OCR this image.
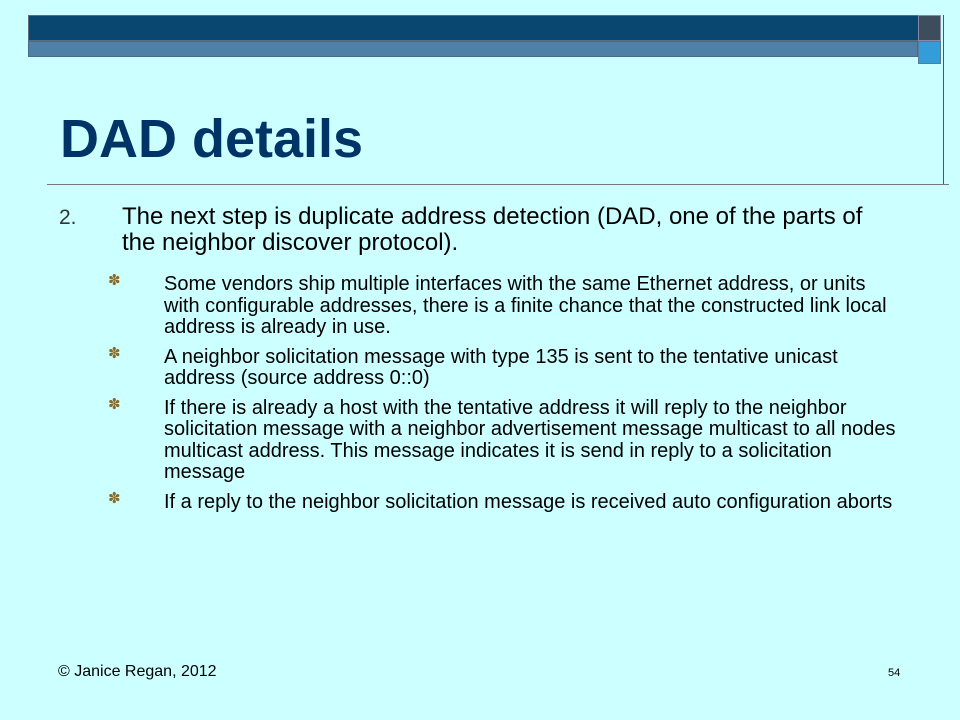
DAD details
2. The next step is duplicate address detection (DAD, one of the parts of the neighbor discover protocol).
✽ Some vendors ship multiple interfaces with the same Ethernet address, or units with configurable addresses, there is a finite chance that the constructed link local address is already in use.
✽ A neighbor solicitation message with type 135 is sent to the tentative unicast address (source address 0::0)
✽ If there is already a host with the tentative address it will reply to the neighbor solicitation message with a neighbor advertisement message multicast to all nodes multicast address. This message indicates it is send in reply to a solicitation message
✽ If a reply to the neighbor solicitation message is received auto configuration aborts
© Janice Regan, 2012	54
